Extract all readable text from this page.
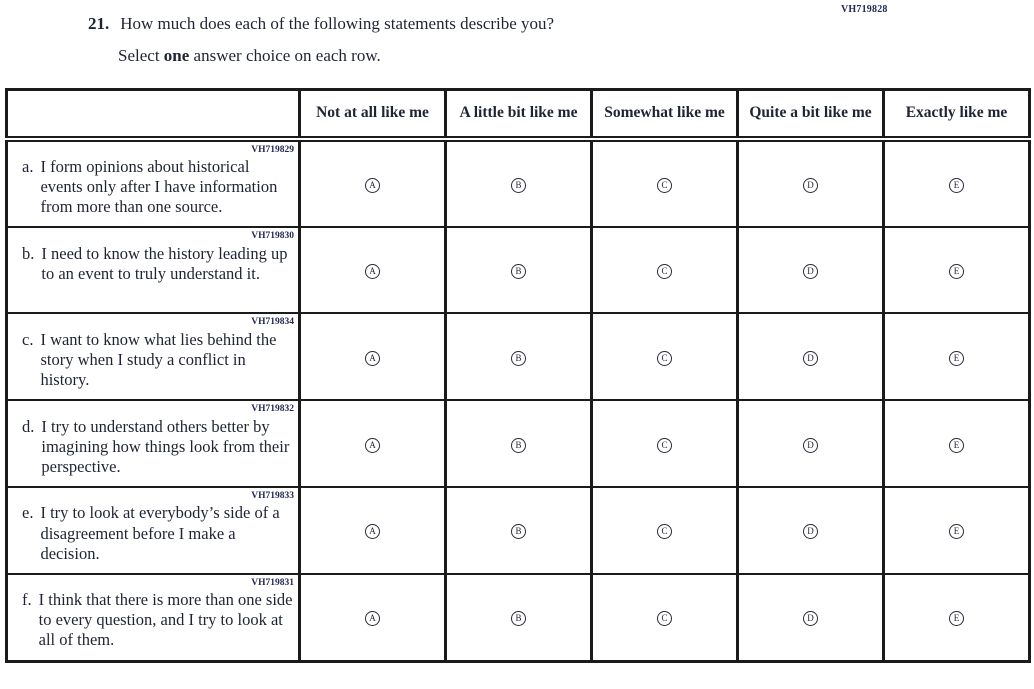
VH719828
21. How much does each of the following statements describe you?
Select one answer choice on each row.
	Not at all like me	A little bit like me	Somewhat like me	Quite a bit like me	Exactly like me

VH719829
a. I form opinions about historical events only after I have information from more than one source.	A	B	C	D	E

VH719830
b. I need to know the history leading up to an event to truly understand it.	A	B	C	D	E

VH719834
c. I want to know what lies behind the story when I study a conflict in history.	A	B	C	D	E

VH719832
d. I try to understand others better by imagining how things look from their perspective.	A	B	C	D	E

VH719833
e. I try to look at everybody’s side of a disagreement before I make a decision.	A	B	C	D	E

VH719831
f. I think that there is more than one side to every question, and I try to look at all of them.	A	B	C	D	E
